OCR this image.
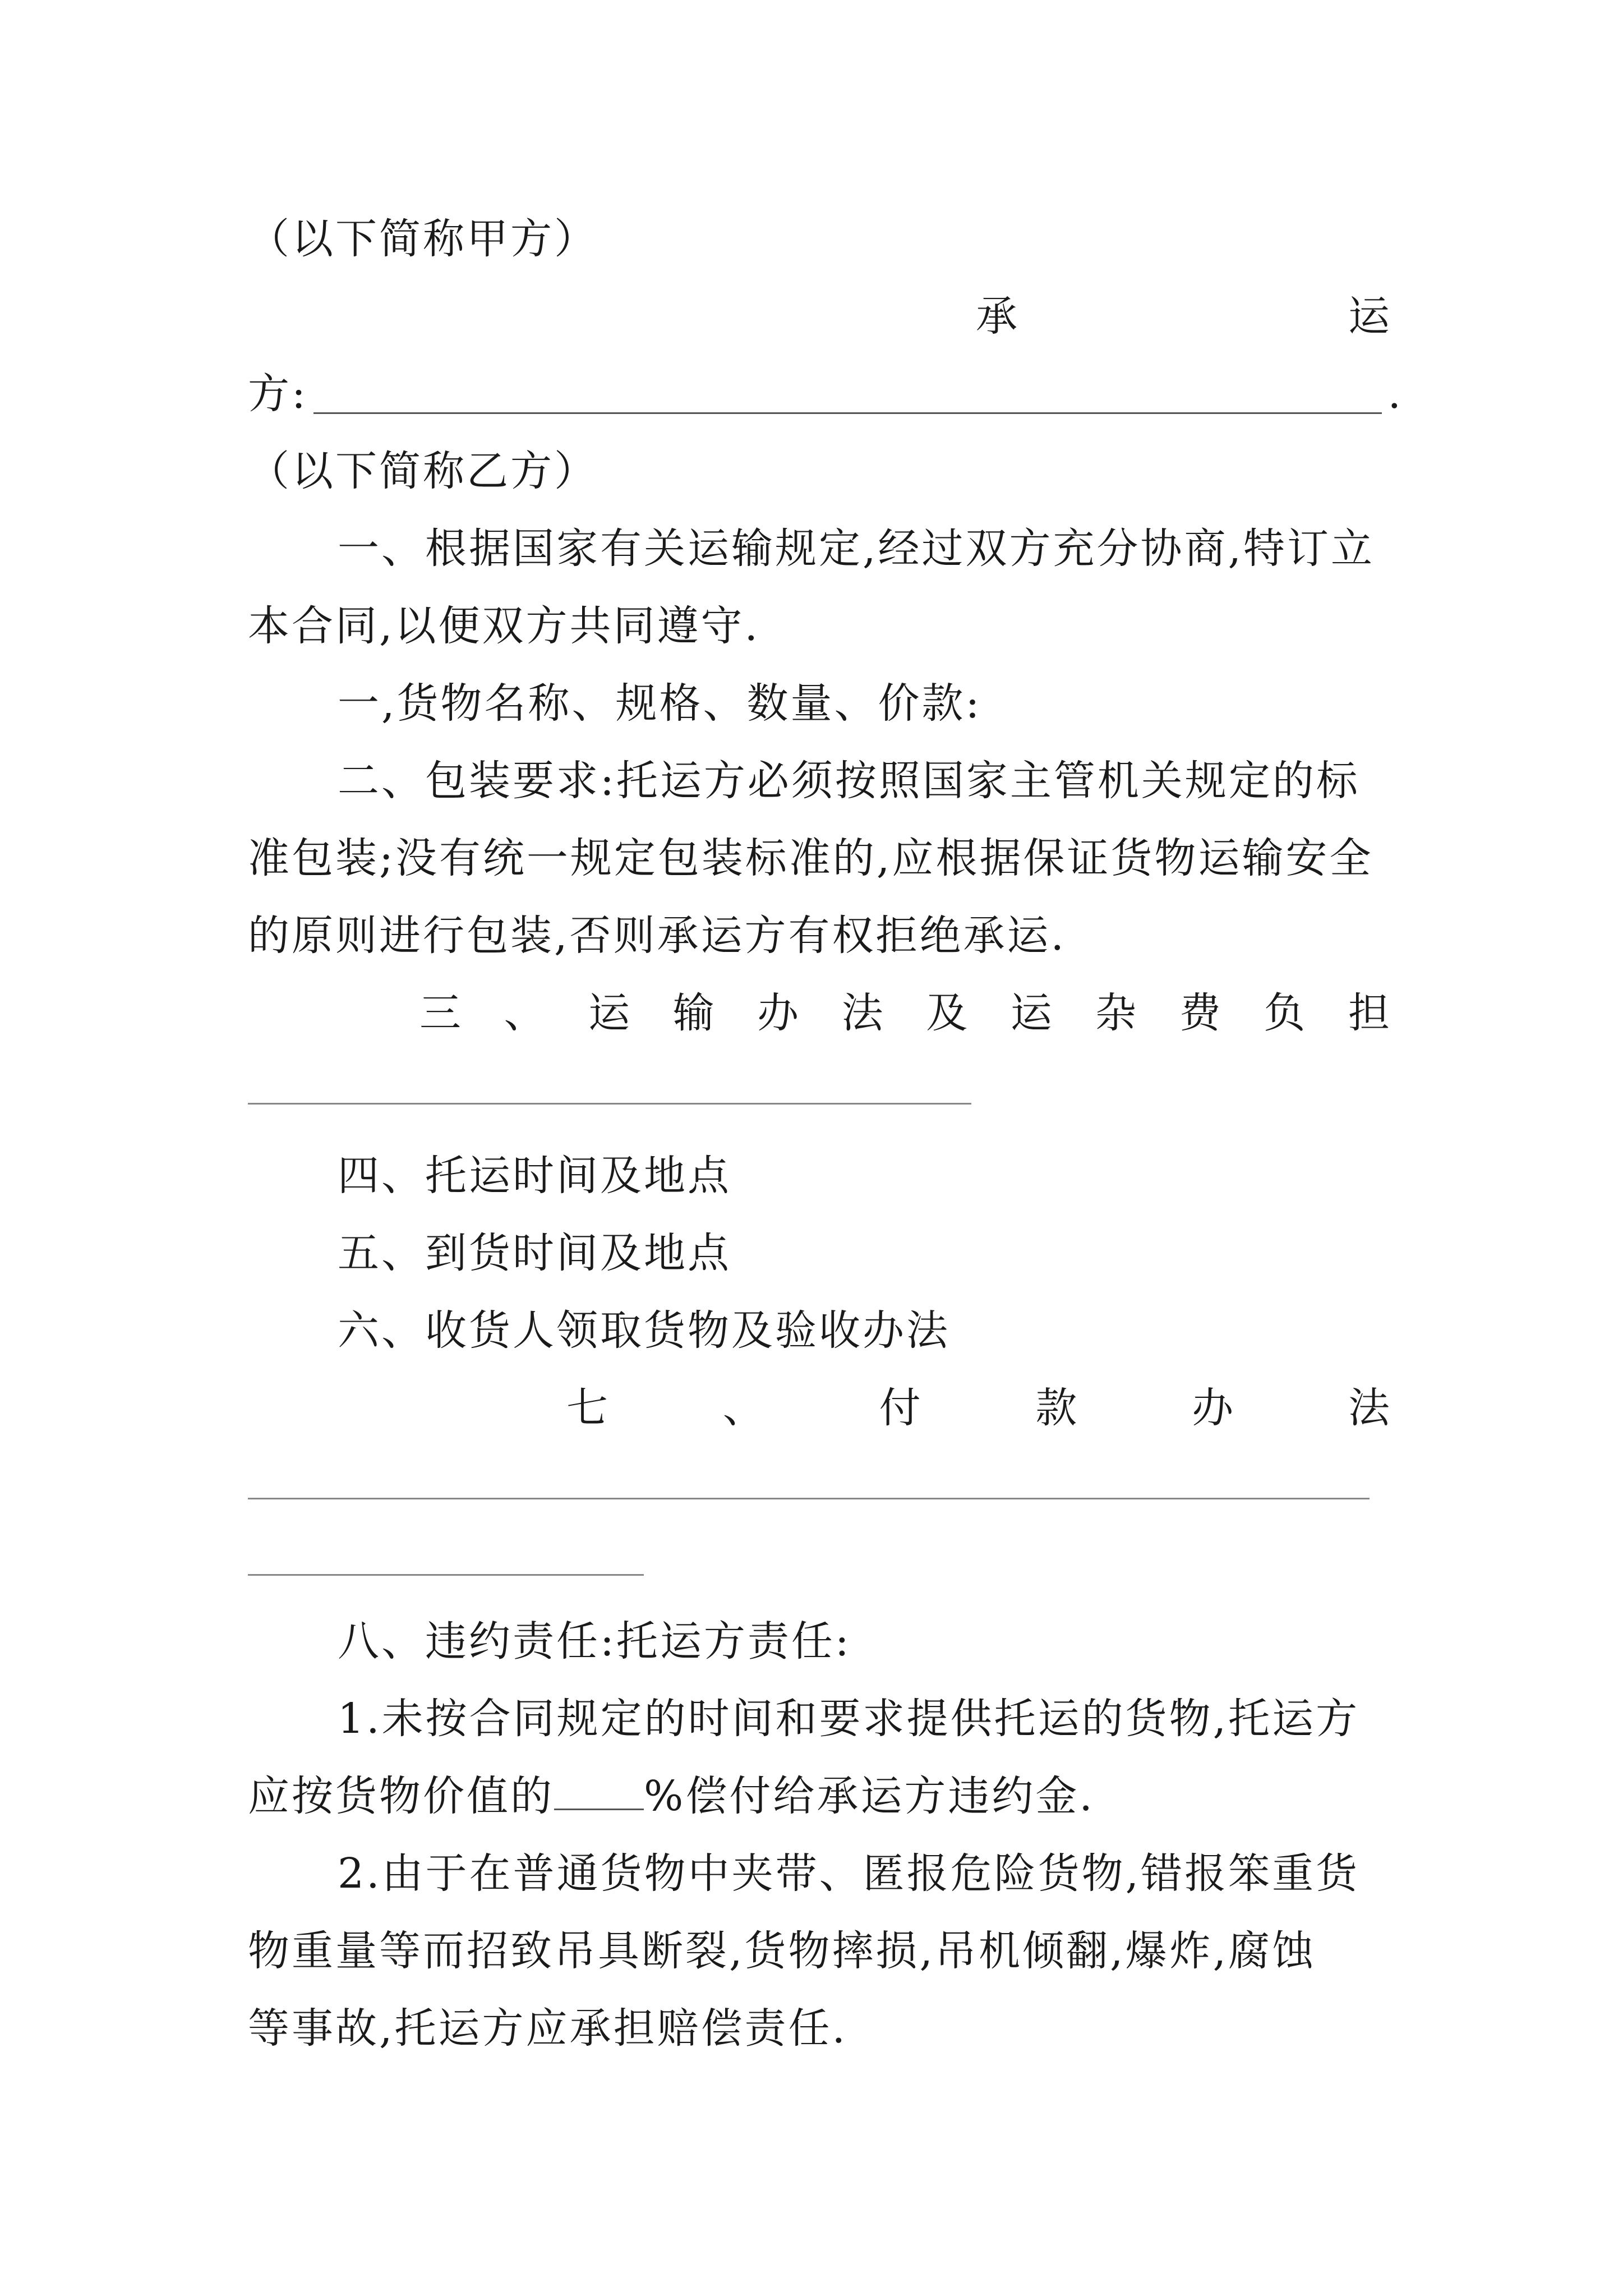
（以下简称甲方）
承	运
方:	.
（以下简称乙方）
一、根据国家有关运输规定,经过双方充分协商,特订立
本合同,以便双方共同遵守.
一,货物名称、规格、数量、价款:
二、包装要求:托运方必须按照国家主管机关规定的标
准包装;没有统一规定包装标准的,应根据保证货物运输安全
的原则进行包装,否则承运方有权拒绝承运.
三 、 运 输 办 法 及 运 杂 费 负 担
四、托运时间及地点
五、到货时间及地点
六、收货人领取货物及验收办法
七	、	付	款	办	法
八、违约责任:托运方责任:
1.未按合同规定的时间和要求提供托运的货物,托运方
应按货物价值的 %偿付给承运方违约金.
2.由于在普通货物中夹带、匿报危险货物,错报笨重货
物重量等而招致吊具断裂,货物摔损,吊机倾翻,爆炸,腐蚀
等事故,托运方应承担赔偿责任.
